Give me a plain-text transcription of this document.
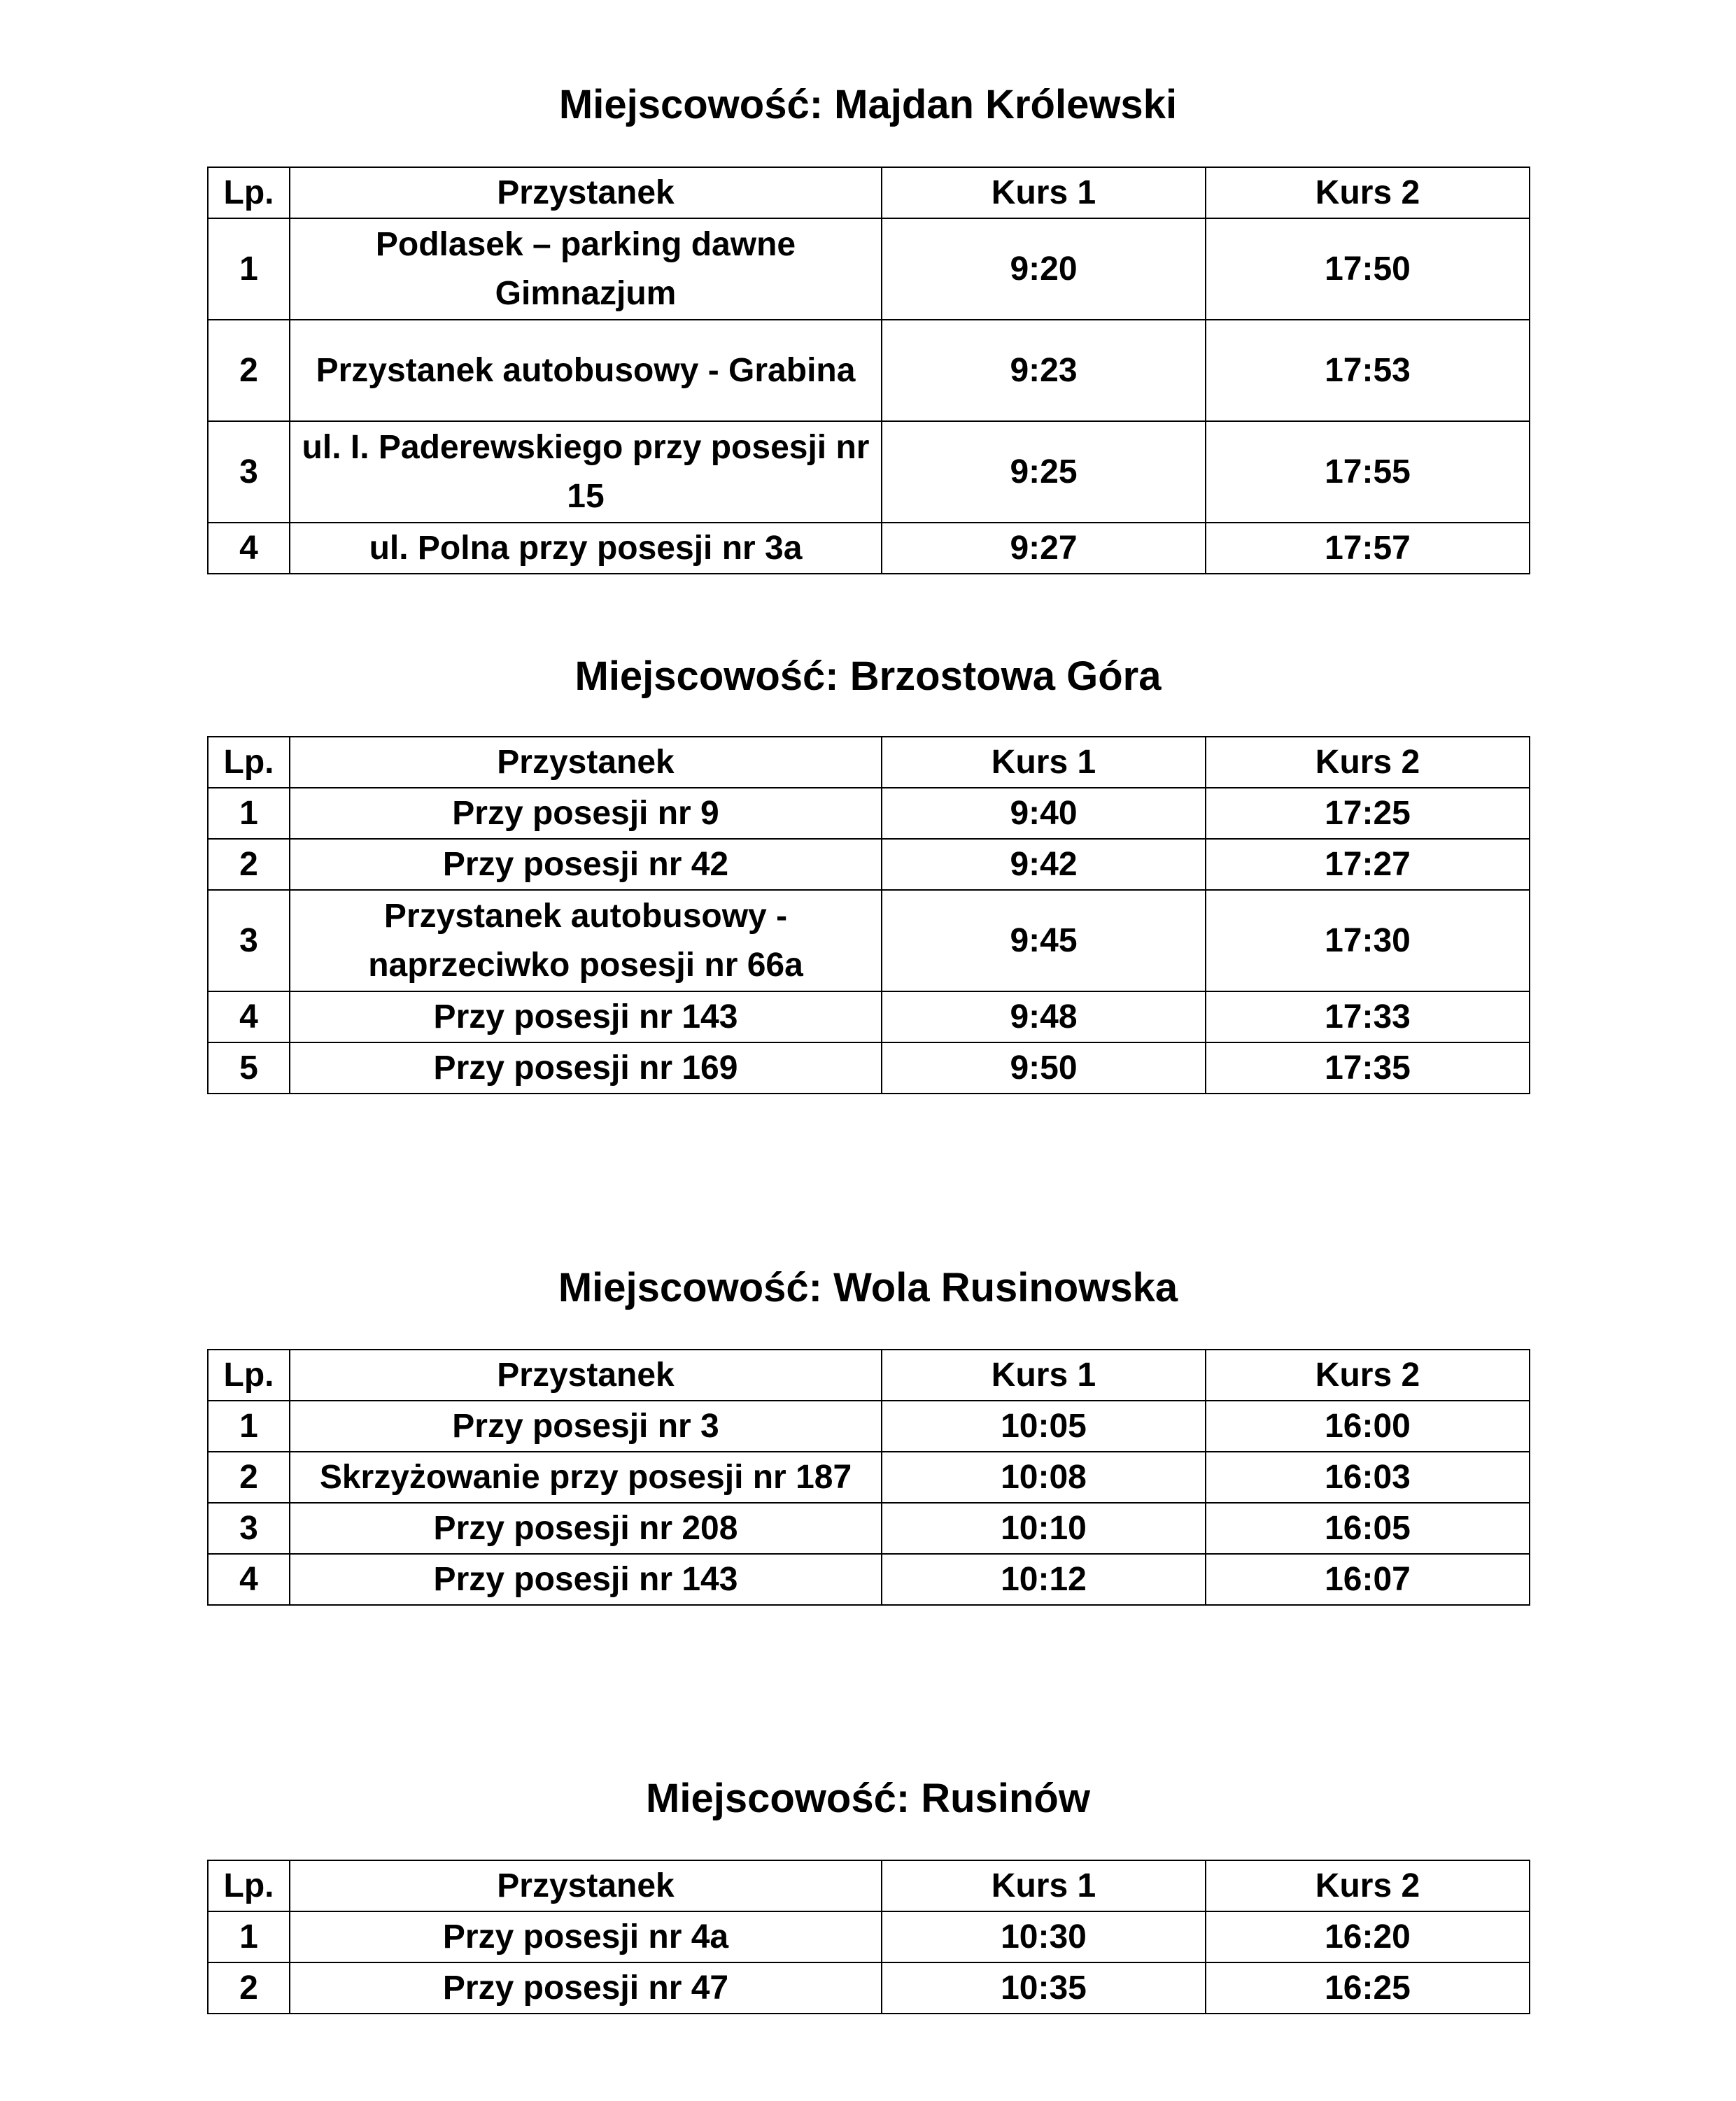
Miejscowość: Majdan Królewski
Lp.	Przystanek	Kurs 1	Kurs 2
1	Podlasek – parking dawne Gimnazjum	9:20	17:50
2	Przystanek autobusowy - Grabina	9:23	17:53
3	ul. I. Paderewskiego przy posesji nr 15	9:25	17:55
4	ul. Polna przy posesji nr 3a	9:27	17:57
Miejscowość: Brzostowa Góra
Lp.	Przystanek	Kurs 1	Kurs 2
1	Przy posesji nr 9	9:40	17:25
2	Przy posesji nr 42	9:42	17:27
3	Przystanek autobusowy - naprzeciwko posesji nr 66a	9:45	17:30
4	Przy posesji nr 143	9:48	17:33
5	Przy posesji nr 169	9:50	17:35
Miejscowość: Wola Rusinowska
Lp.	Przystanek	Kurs 1	Kurs 2
1	Przy posesji nr 3	10:05	16:00
2	Skrzyżowanie przy posesji nr 187	10:08	16:03
3	Przy posesji nr 208	10:10	16:05
4	Przy posesji nr 143	10:12	16:07
Miejscowość: Rusinów
Lp.	Przystanek	Kurs 1	Kurs 2
1	Przy posesji nr 4a	10:30	16:20
2	Przy posesji nr 47	10:35	16:25
